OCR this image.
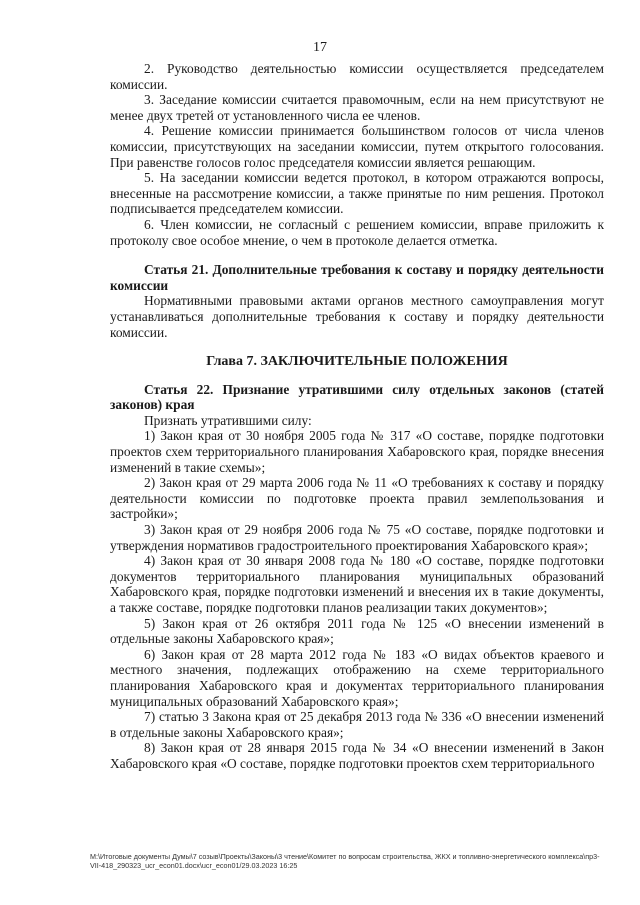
17

2. Руководство деятельностью комиссии осуществляется председателем комиссии.

3. Заседание комиссии считается правомочным, если на нем присутствуют не менее двух третей от установленного числа ее членов.

4. Решение комиссии принимается большинством голосов от числа членов комиссии, присутствующих на заседании комиссии, путем открытого голосования. При равенстве голосов голос председателя комиссии является решающим.

5. На заседании комиссии ведется протокол, в котором отражаются вопросы, внесенные на рассмотрение комиссии, а также принятые по ним решения. Протокол подписывается председателем комиссии.

6. Член комиссии, не согласный с решением комиссии, вправе приложить к протоколу свое особое мнение, о чем в протоколе делается отметка.

Статья 21. Дополнительные требования к составу и порядку деятельности комиссии

Нормативными правовыми актами органов местного самоуправления могут устанавливаться дополнительные требования к составу и порядку деятельности комиссии.

Глава 7. ЗАКЛЮЧИТЕЛЬНЫЕ ПОЛОЖЕНИЯ

Статья 22. Признание утратившими силу отдельных законов (статей законов) края

Признать утратившими силу:

1) Закон края от 30 ноября 2005 года № 317 «О составе, порядке подготовки проектов схем территориального планирования Хабаровского края, порядке внесения изменений в такие схемы»;

2) Закон края от 29 марта 2006 года № 11 «О требованиях к составу и порядку деятельности комиссии по подготовке проекта правил землепользования и застройки»;

3) Закон края от 29 ноября 2006 года № 75 «О составе, порядке подготовки и утверждения нормативов градостроительного проектирования Хабаровского края»;

4) Закон края от 30 января 2008 года № 180 «О составе, порядке подготовки документов территориального планирования муниципальных образований Хабаровского края, порядке подготовки изменений и внесения их в такие документы, а также составе, порядке подготовки планов реализации таких документов»;

5) Закон края от 26 октября 2011 года № 125 «О внесении изменений в отдельные законы Хабаровского края»;

6) Закон края от 28 марта 2012 года № 183 «О видах объектов краевого и местного значения, подлежащих отображению на схеме территориального планирования Хабаровского края и документах территориального планирования муниципальных образований Хабаровского края»;

7) статью 3 Закона края от 25 декабря 2013 года № 336 «О внесении изменений в отдельные законы Хабаровского края»;

8) Закон края от 28 января 2015 года № 34 «О внесении изменений в Закон Хабаровского края «О составе, порядке подготовки проектов схем территориального

M:\Итоговые документы Думы\7 созыв\Проекты\Законы\3 чтение\Комитет по вопросам строительства, ЖКХ и топливно-энергетического комплекса\пр3-VII-418_290323_ucr_econ01.docx\ucr_econ01/29.03.2023 16:25
